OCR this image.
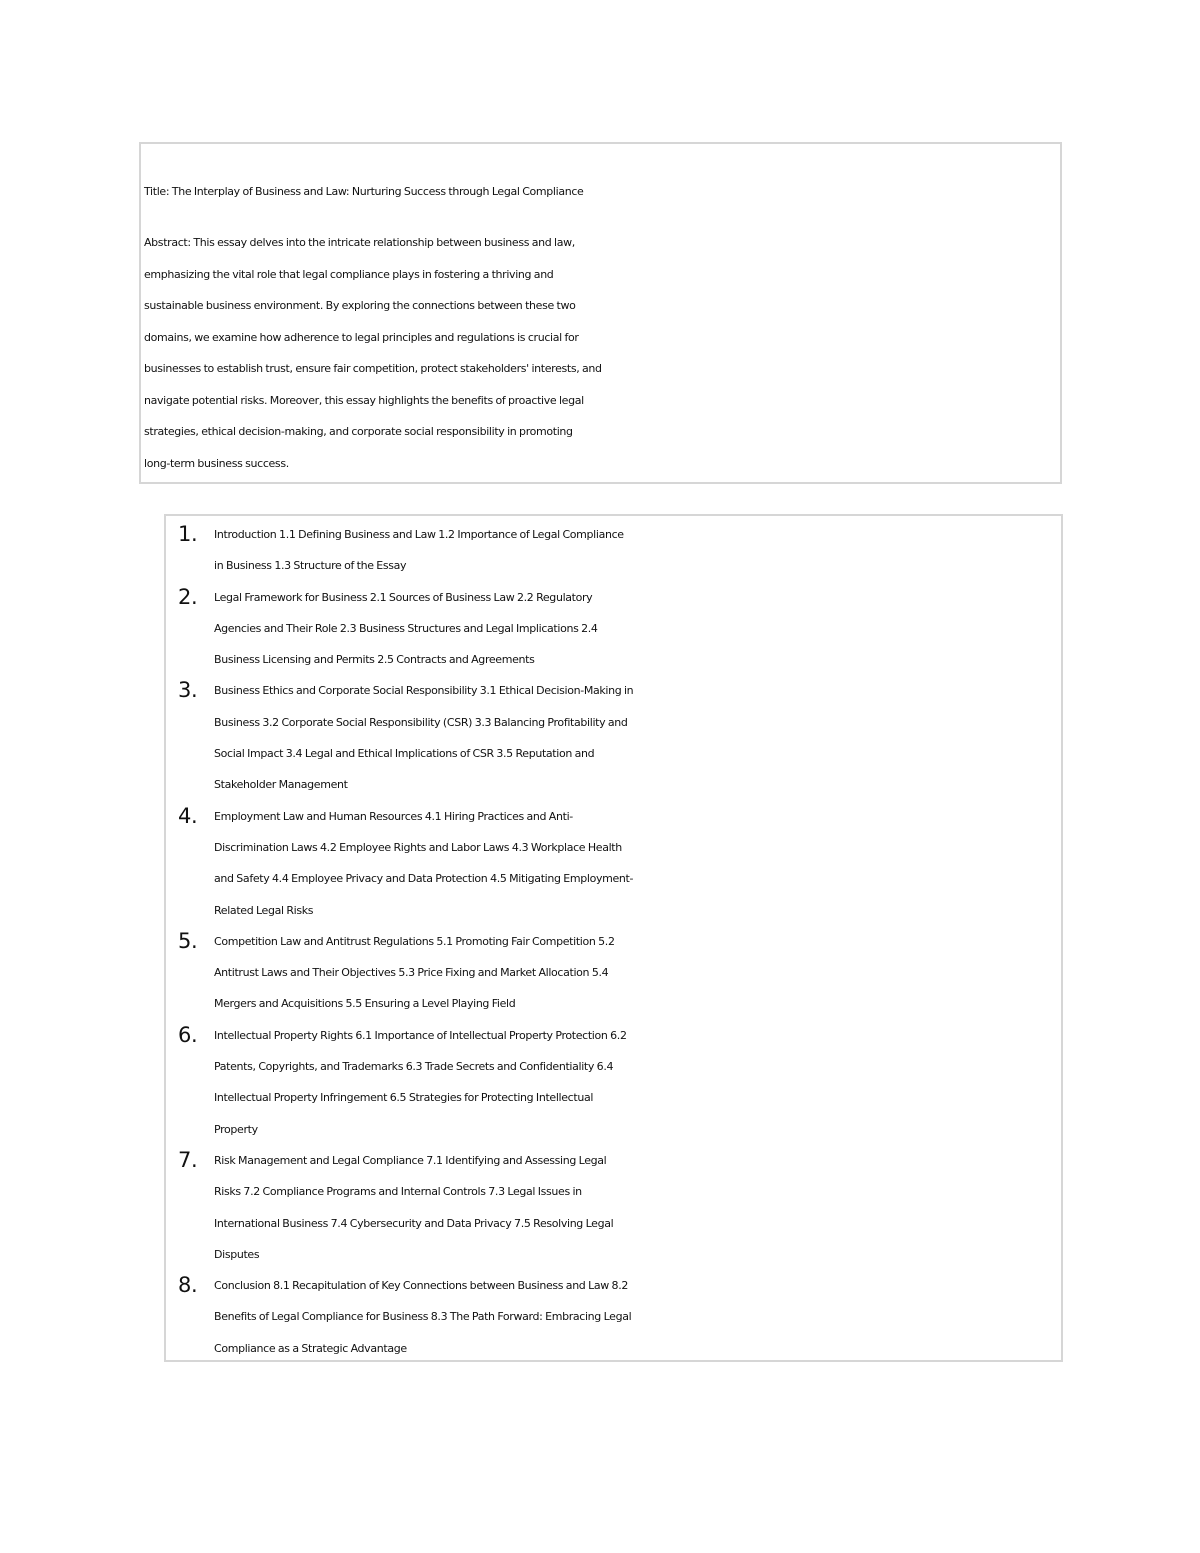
Title: The Interplay of Business and Law: Nurturing Success through Legal Compliance

Abstract: This essay delves into the intricate relationship between business and law,
emphasizing the vital role that legal compliance plays in fostering a thriving and
sustainable business environment. By exploring the connections between these two
domains, we examine how adherence to legal principles and regulations is crucial for
businesses to establish trust, ensure fair competition, protect stakeholders' interests, and
navigate potential risks. Moreover, this essay highlights the benefits of proactive legal
strategies, ethical decision-making, and corporate social responsibility in promoting
long-term business success.

1. Introduction 1.1 Defining Business and Law 1.2 Importance of Legal Compliance
in Business 1.3 Structure of the Essay
2. Legal Framework for Business 2.1 Sources of Business Law 2.2 Regulatory
Agencies and Their Role 2.3 Business Structures and Legal Implications 2.4
Business Licensing and Permits 2.5 Contracts and Agreements
3. Business Ethics and Corporate Social Responsibility 3.1 Ethical Decision-Making in
Business 3.2 Corporate Social Responsibility (CSR) 3.3 Balancing Profitability and
Social Impact 3.4 Legal and Ethical Implications of CSR 3.5 Reputation and
Stakeholder Management
4. Employment Law and Human Resources 4.1 Hiring Practices and Anti-
Discrimination Laws 4.2 Employee Rights and Labor Laws 4.3 Workplace Health
and Safety 4.4 Employee Privacy and Data Protection 4.5 Mitigating Employment-
Related Legal Risks
5. Competition Law and Antitrust Regulations 5.1 Promoting Fair Competition 5.2
Antitrust Laws and Their Objectives 5.3 Price Fixing and Market Allocation 5.4
Mergers and Acquisitions 5.5 Ensuring a Level Playing Field
6. Intellectual Property Rights 6.1 Importance of Intellectual Property Protection 6.2
Patents, Copyrights, and Trademarks 6.3 Trade Secrets and Confidentiality 6.4
Intellectual Property Infringement 6.5 Strategies for Protecting Intellectual
Property
7. Risk Management and Legal Compliance 7.1 Identifying and Assessing Legal
Risks 7.2 Compliance Programs and Internal Controls 7.3 Legal Issues in
International Business 7.4 Cybersecurity and Data Privacy 7.5 Resolving Legal
Disputes
8. Conclusion 8.1 Recapitulation of Key Connections between Business and Law 8.2
Benefits of Legal Compliance for Business 8.3 The Path Forward: Embracing Legal
Compliance as a Strategic Advantage
